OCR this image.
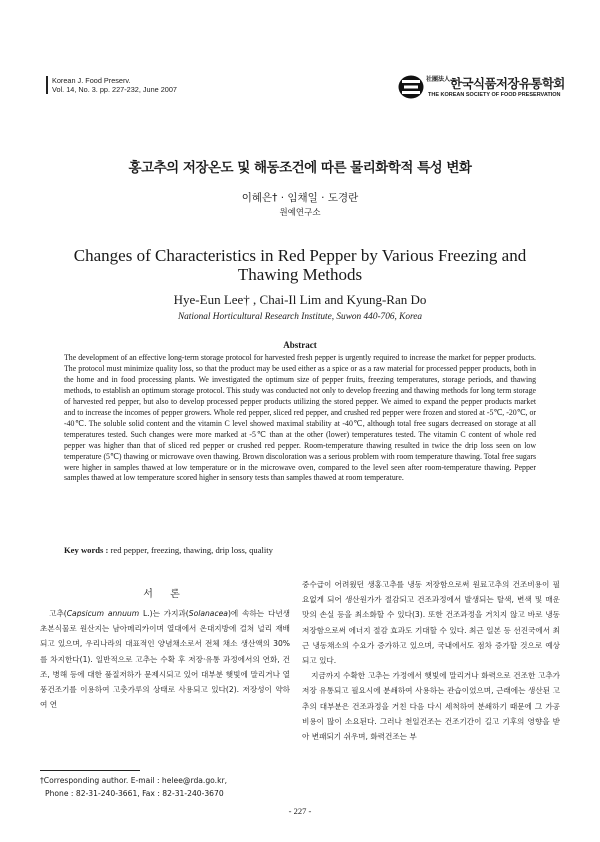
Korean J. Food Preserv.
Vol. 14, No. 3. pp. 227-232, June 2007
$^{社團法人}$한국식품저장유통학회
THE KOREAN SOCIETY OF FOOD PRESERVATION
홍고추의 저장온도 및 해동조건에 따른 물리화학적 특성 변화
이혜은† · 임채일 · 도경란
원예연구소
Changes of Characteristics in Red Pepper by Various Freezing and
Thawing Methods
Hye-Eun Lee† , Chai-Il Lim and Kyung-Ran Do
National Horticultural Research Institute, Suwon 440-706, Korea
Abstract
The development of an effective long-term storage protocol for harvested fresh pepper is urgently required to increase the market for pepper products. The protocol must minimize quality loss, so that the product may be used either as a spice or as a raw material for processed pepper products, both in the home and in food processing plants. We investigated the optimum size of pepper fruits, freezing temperatures, storage periods, and thawing methods, to establish an optimum storage protocol. This study was conducted not only to develop freezing and thawing methods for long term storage of harvested red pepper, but also to develop processed pepper products utilizing the stored pepper. We aimed to expand the pepper products market and to increase the incomes of pepper growers. Whole red pepper, sliced red pepper, and crushed red pepper were frozen and stored at -5℃, -20℃, or -40℃. The soluble solid content and the vitamin C level showed maximal stability at -40℃, although total free sugars decreased on storage at all temperatures tested. Such changes were more marked at -5℃ than at the other (lower) temperatures tested. The vitamin C content of whole red pepper was higher than that of sliced red pepper or crushed red pepper. Room-temperature thawing resulted in twice the drip loss seen on low temperature (5℃) thawing or microwave oven thawing. Brown discoloration was a serious problem with room temperature thawing. Total free sugars were higher in samples thawed at low temperature or in the microwave oven, compared to the level seen after room-temperature thawing. Pepper samples thawed at low temperature scored higher in sensory tests than samples thawed at room temperature.
Key words : red pepper, freezing, thawing, drip loss, quality
서 론
고추(Capsicum annuum L.)는 가지과(Solanacea)에 속하는 다년생 초본식물로 원산지는 남아메리카이며 열대에서 온대지방에 걸쳐 널리 재배되고 있으며, 우리나라의 대표적인 양념채소로서 전체 채소 생산액의 30%를 차지한다(1). 일반적으로 고추는 수확 후 저장·유통 과정에서의 연화, 건조, 병해 등에 대한 품질저하가 문제시되고 있어 대부분 햇빛에 말리거나 열풍건조기를 이용하여 고춧가루의 상태로 사용되고 있다(2). 저장성이 약하여 연
중수급이 어려웠던 생홍고추를 냉동 저장함으로써 원료고추의 건조비용이 필요없게 되어 생산원가가 절감되고 건조과정에서 발생되는 탈색, 변색 및 매운맛의 손실 등을 최소화할 수 있다(3). 또한 건조과정을 거치지 않고 바로 냉동저장함으로써 에너지 절감 효과도 기대할 수 있다. 최근 일본 등 선진국에서 최근 냉동채소의 수요가 증가하고 있으며, 국내에서도 점차 증가할 것으로 예상되고 있다.
지금까지 수확한 고추는 가정에서 햇빛에 말리거나 화력으로 건조한 고추가 저장 유통되고 필요시에 분쇄하여 사용하는 관습이었으며, 근래에는 생산된 고추의 대부분은 건조과정을 거친 다음 다시 세척하여 분쇄하기 때문에 그 가공비용이 많이 소요된다. 그러나 천일건조는 건조기간이 길고 기후의 영향을 받아 변패되기 쉬우며, 화력건조는 부
†Corresponding author. E-mail : helee@rda.go.kr,
Phone : 82-31-240-3661, Fax : 82-31-240-3670
- 227 -
